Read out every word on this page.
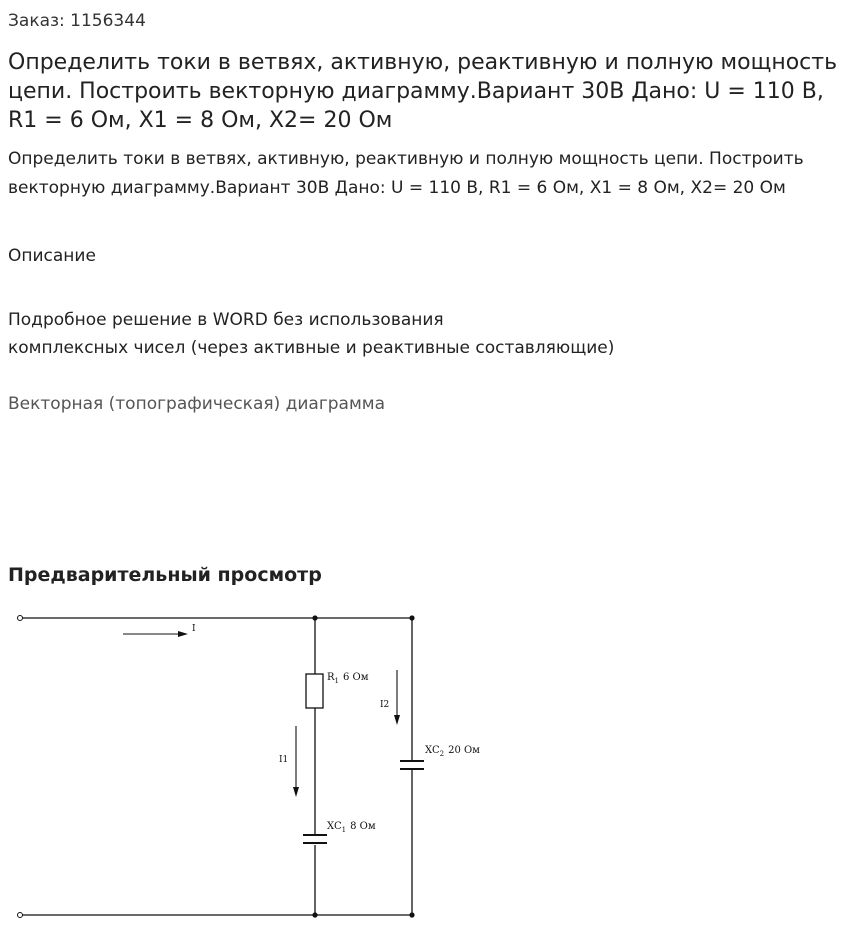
Заказ: 1156344
Определить токи в ветвях, активную, реактивную и полную мощность цепи. Построить векторную диаграмму.Вариант 30В Дано: U = 110 В, R1 = 6 Ом, X1 = 8 Ом, X2= 20 Ом

Определить токи в ветвях, активную, реактивную и полную мощность цепи. Построить векторную диаграмму.Вариант 30В Дано: U = 110 В, R1 = 6 Ом, X1 = 8 Ом, X2= 20 Ом

Описание
Подробное решение в WORD без использования
комплексных чисел (через активные и реактивные составляющие)
Векторная (топографическая) диаграмма
Предварительный просмотр
I
$R_1$ 6 Ом
I1
$XC_1$ 8 Ом
I2
$XC_2$ 20 Ом
